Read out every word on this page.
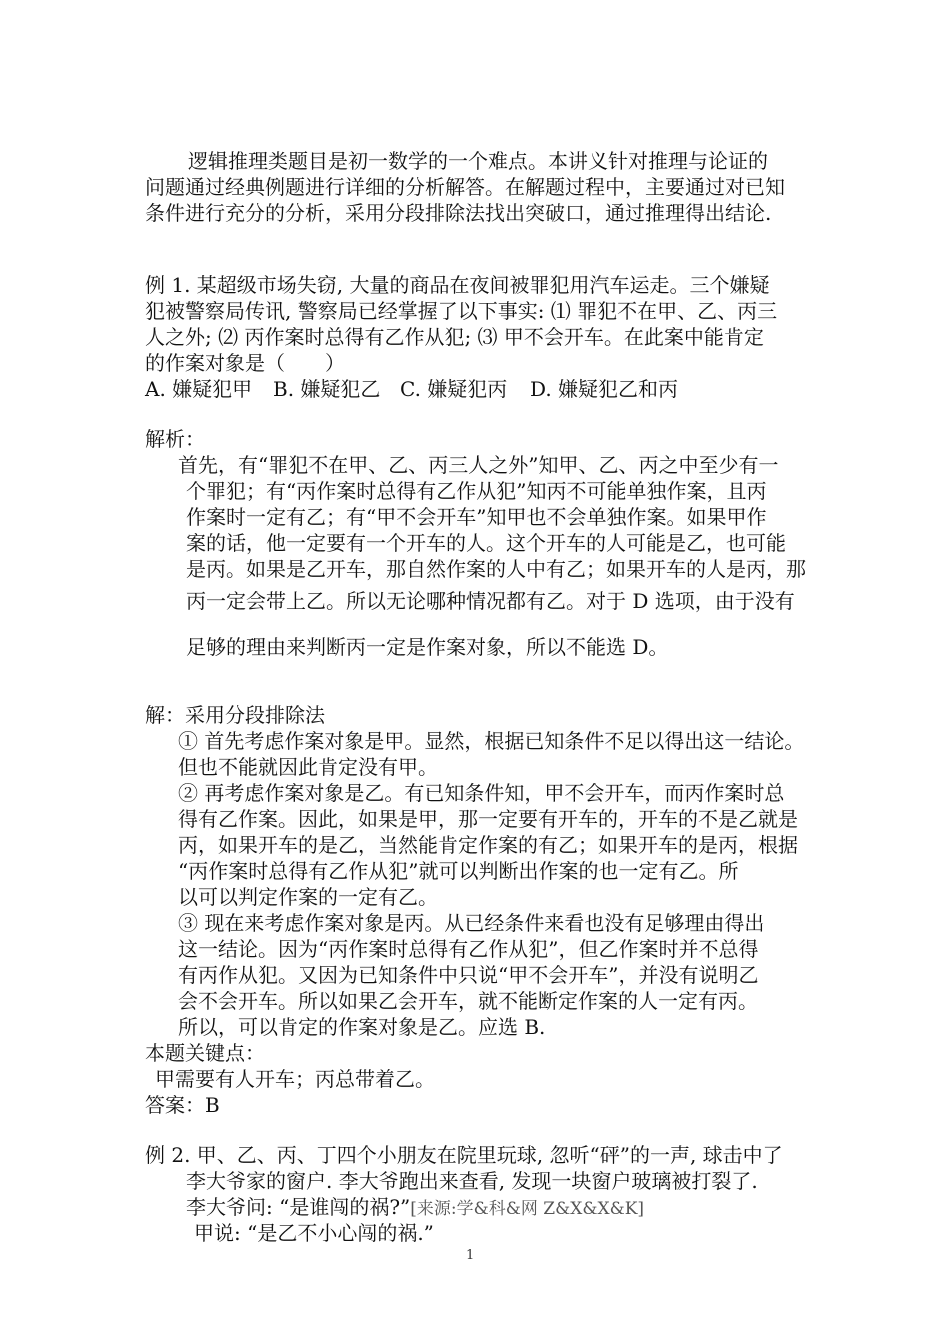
逻辑推理类题目是初一数学的一个难点。本讲义针对推理与论证的
问题通过经典例题进行详细的分析解答。在解题过程中，主要通过对已知
条件进行充分的分析，采用分段排除法找出突破口，通过推理得出结论.
例 1. 某超级市场失窃, 大量的商品在夜间被罪犯用汽车运走。三个嫌疑
犯被警察局传讯, 警察局已经掌握了以下事实: ⑴ 罪犯不在甲、乙、丙三
人之外; ⑵ 丙作案时总得有乙作从犯; ⑶ 甲不会开车。在此案中能肯定
的作案对象是（　　）
A. 嫌疑犯甲 B. 嫌疑犯乙 C. 嫌疑犯丙 D. 嫌疑犯乙和丙
解析：
首先，有“罪犯不在甲、乙、丙三人之外”知甲、乙、丙之中至少有一
个罪犯；有“丙作案时总得有乙作从犯”知丙不可能单独作案，且丙
作案时一定有乙；有“甲不会开车”知甲也不会单独作案。如果甲作
案的话，他一定要有一个开车的人。这个开车的人可能是乙，也可能
是丙。如果是乙开车，那自然作案的人中有乙；如果开车的人是丙，那
丙一定会带上乙。所以无论哪种情况都有乙。对于 D 选项，由于没有
足够的理由来判断丙一定是作案对象，所以不能选 D。
解：采用分段排除法
① 首先考虑作案对象是甲。显然，根据已知条件不足以得出这一结论。
但也不能就因此肯定没有甲。
② 再考虑作案对象是乙。有已知条件知，甲不会开车，而丙作案时总
得有乙作案。因此，如果是甲，那一定要有开车的，开车的不是乙就是
丙，如果开车的是乙，当然能肯定作案的有乙；如果开车的是丙，根据
“丙作案时总得有乙作从犯”就可以判断出作案的也一定有乙。所
以可以判定作案的一定有乙。
③ 现在来考虑作案对象是丙。从已经条件来看也没有足够理由得出
这一结论。因为“丙作案时总得有乙作从犯”，但乙作案时并不总得
有丙作从犯。又因为已知条件中只说“甲不会开车”，并没有说明乙
会不会开车。所以如果乙会开车，就不能断定作案的人一定有丙。
所以，可以肯定的作案对象是乙。应选 B.
本题关键点：
甲需要有人开车；丙总带着乙。
答案：B
例 2. 甲、乙、丙、丁四个小朋友在院里玩球, 忽听“砰”的一声, 球击中了
李大爷家的窗户. 李大爷跑出来查看, 发现一块窗户玻璃被打裂了.
李大爷问: “是谁闯的祸?”[来源:学&科&网 Z&X&X&K]
甲说: “是乙不小心闯的祸.”
1
